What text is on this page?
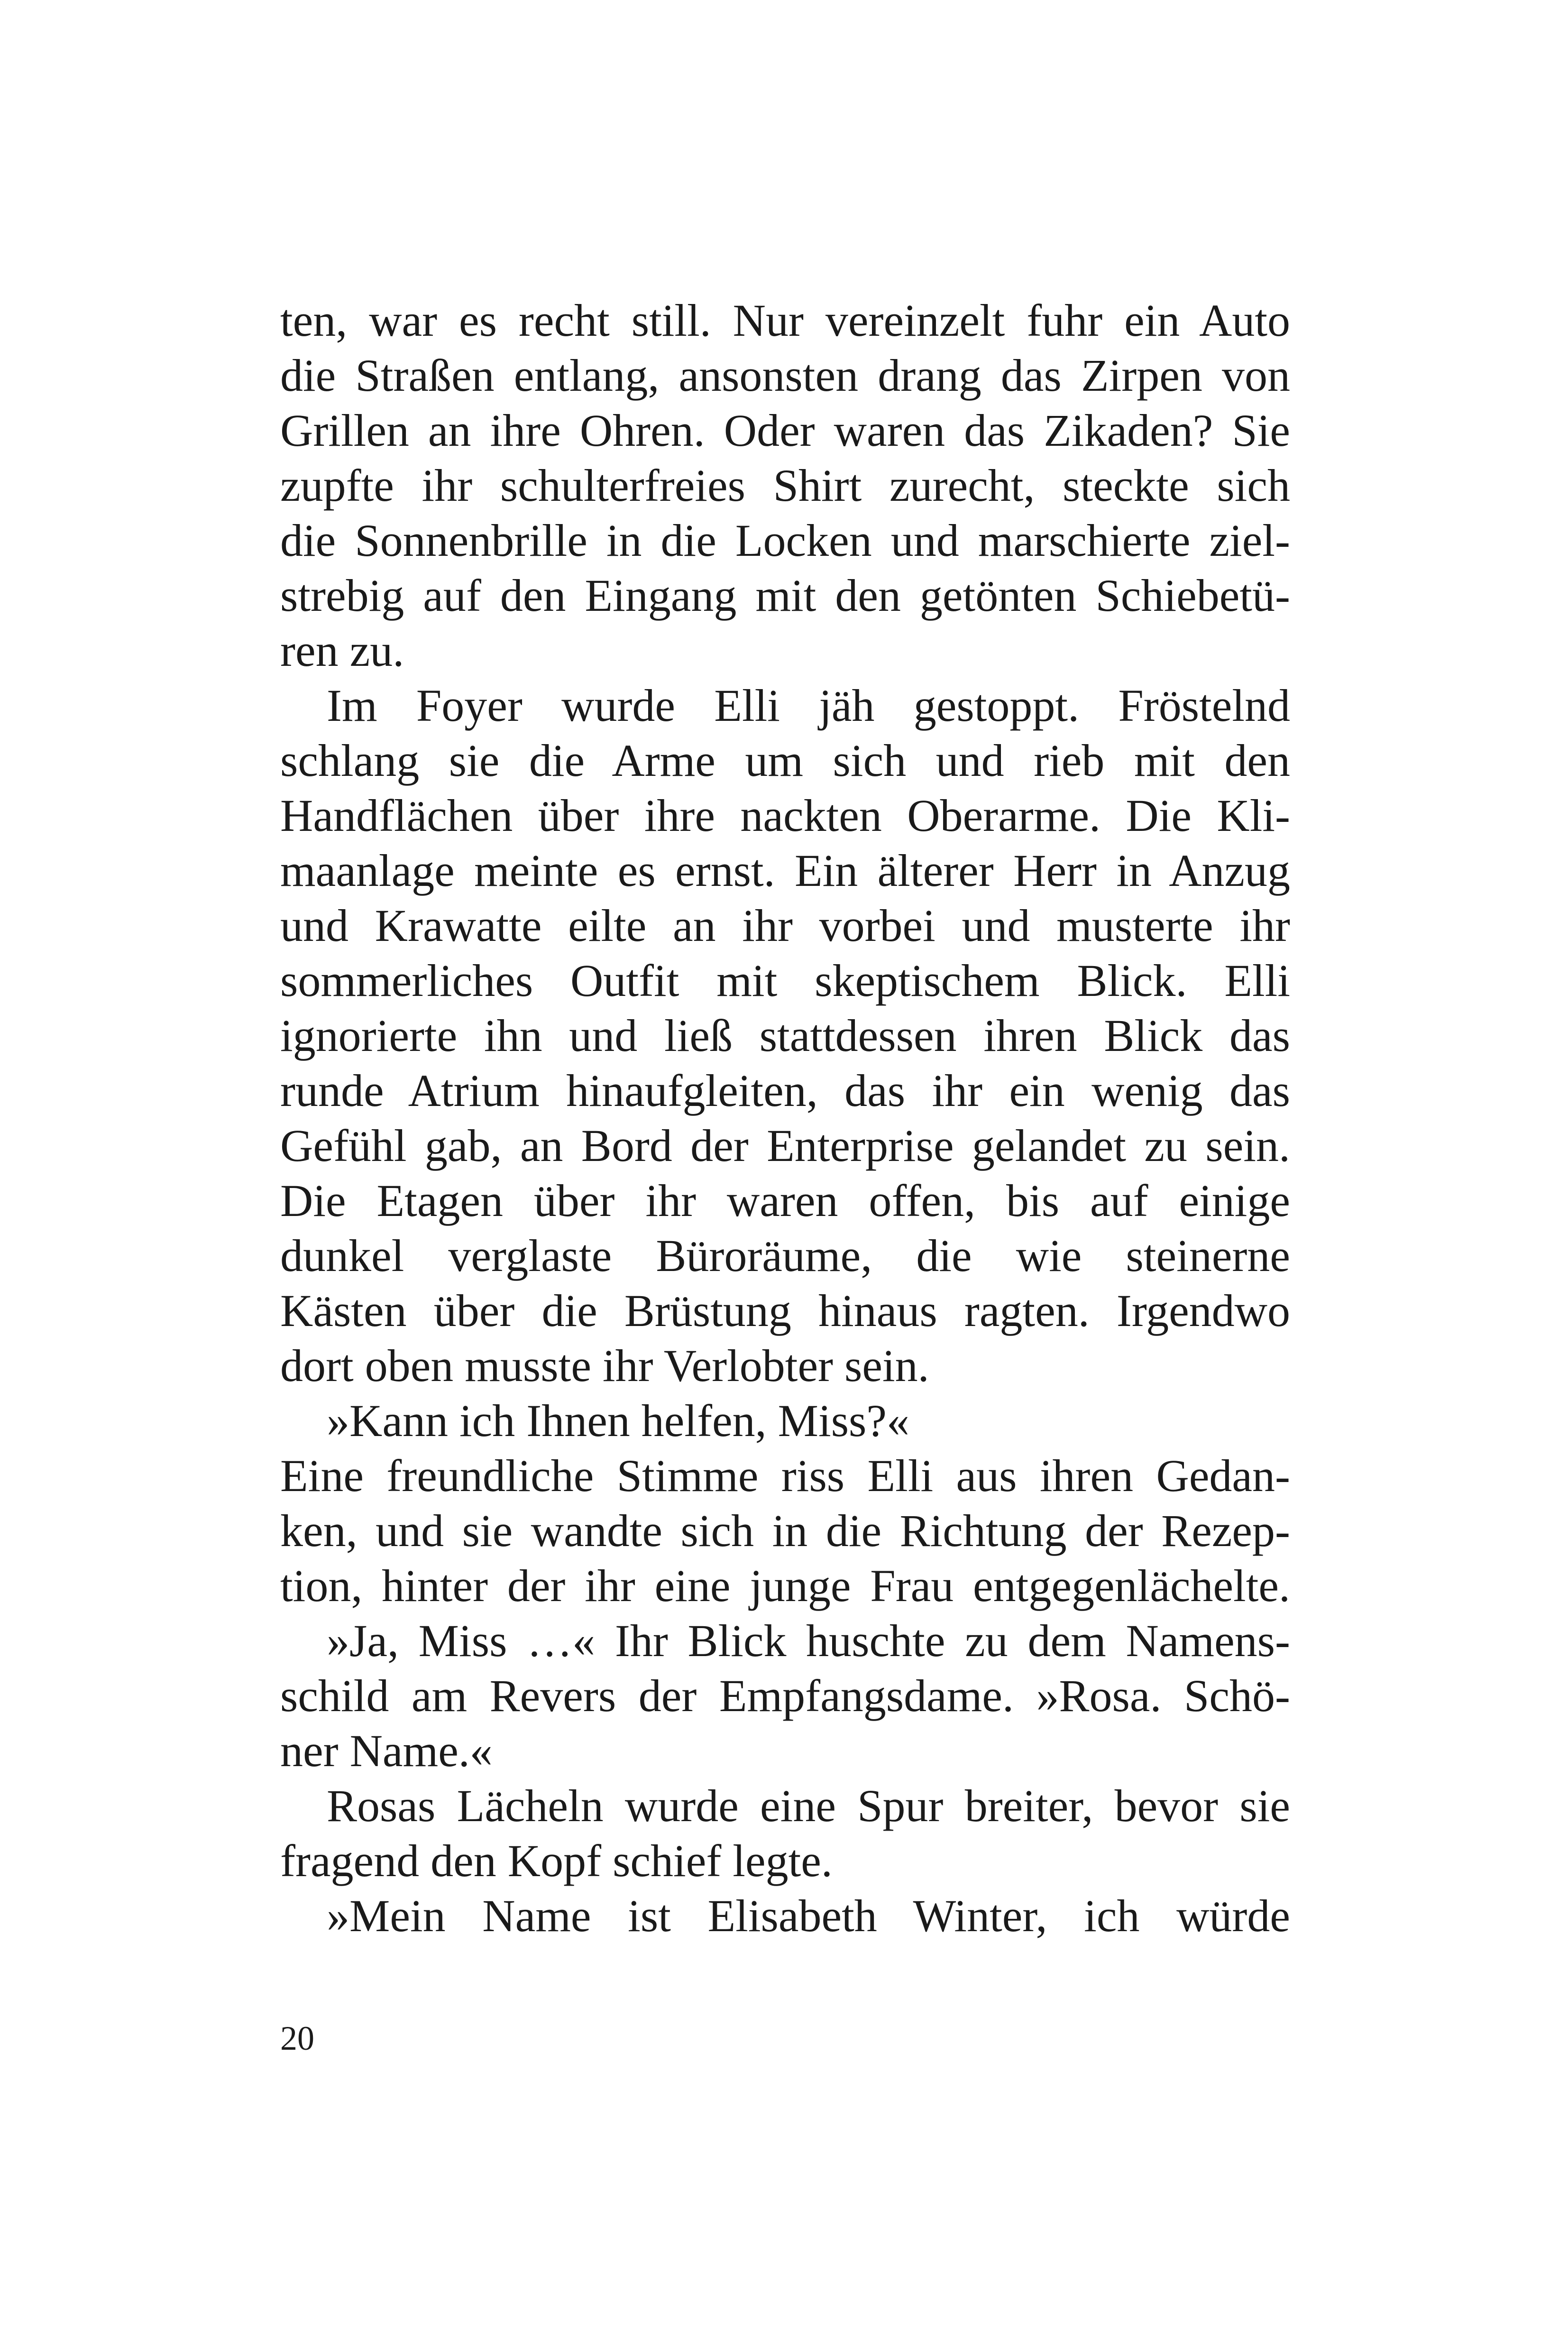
ten, war es recht still. Nur vereinzelt fuhr ein Auto
die Straßen entlang, ansonsten drang das Zirpen von
Grillen an ihre Ohren. Oder waren das Zikaden? Sie
zupfte ihr schulterfreies Shirt zurecht, steckte sich
die Sonnenbrille in die Locken und marschierte ziel-
strebig auf den Eingang mit den getönten Schiebetü-
ren zu.
Im Foyer wurde Elli jäh gestoppt. Fröstelnd
schlang sie die Arme um sich und rieb mit den
Handflächen über ihre nackten Oberarme. Die Kli-
maanlage meinte es ernst. Ein älterer Herr in Anzug
und Krawatte eilte an ihr vorbei und musterte ihr
sommerliches Outfit mit skeptischem Blick. Elli
ignorierte ihn und ließ stattdessen ihren Blick das
runde Atrium hinaufgleiten, das ihr ein wenig das
Gefühl gab, an Bord der Enterprise gelandet zu sein.
Die Etagen über ihr waren offen, bis auf einige
dunkel verglaste Büroräume, die wie steinerne
Kästen über die Brüstung hinaus ragten. Irgendwo
dort oben musste ihr Verlobter sein.
»Kann ich Ihnen helfen, Miss?«
Eine freundliche Stimme riss Elli aus ihren Gedan-
ken, und sie wandte sich in die Richtung der Rezep-
tion, hinter der ihr eine junge Frau entgegenlächelte.
»Ja, Miss …« Ihr Blick huschte zu dem Namens-
schild am Revers der Empfangsdame. »Rosa. Schö-
ner Name.«
Rosas Lächeln wurde eine Spur breiter, bevor sie
fragend den Kopf schief legte.
»Mein Name ist Elisabeth Winter, ich würde
20
